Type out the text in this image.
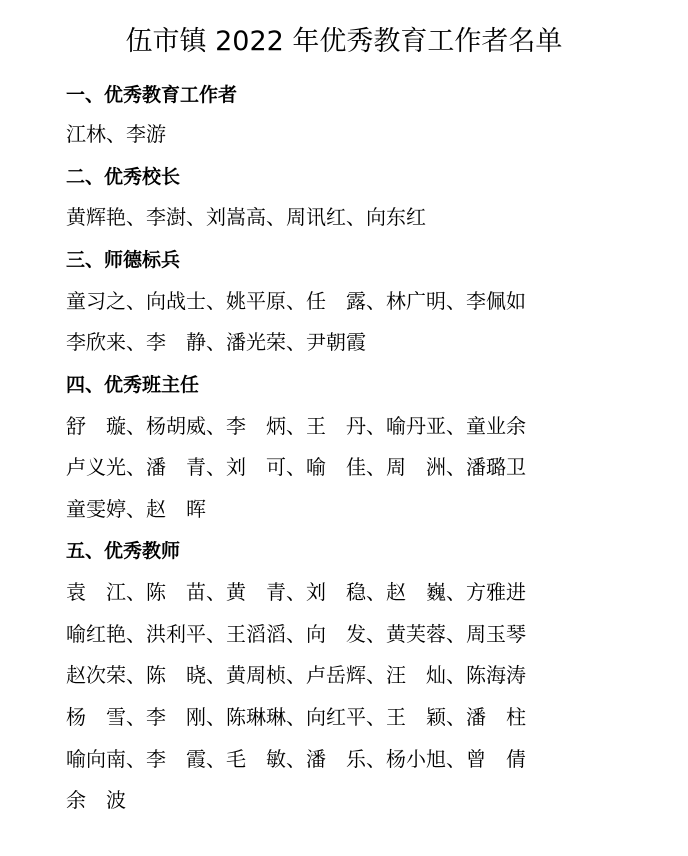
伍市镇 2022 年优秀教育工作者名单
一、优秀教育工作者
江林、李游
二、优秀校长
黄辉艳、李澍、刘嵩高、周讯红、向东红
三、师德标兵
童习之、向战士、姚平原、任　露、林广明、李佩如
李欣来、李　静、潘光荣、尹朝霞
四、优秀班主任
舒　璇、杨胡威、李　炳、王　丹、喻丹亚、童业余
卢义光、潘　青、刘　可、喻　佳、周　洲、潘璐卫
童雯婷、赵　晖
五、优秀教师
袁　江、陈　苗、黄　青、刘　稳、赵　巍、方雅进
喻红艳、洪利平、王滔滔、向　发、黄芙蓉、周玉琴
赵次荣、陈　晓、黄周桢、卢岳辉、汪　灿、陈海涛
杨　雪、李　刚、陈琳琳、向红平、王　颖、潘　柱
喻向南、李　霞、毛　敏、潘　乐、杨小旭、曾　倩
余　波
